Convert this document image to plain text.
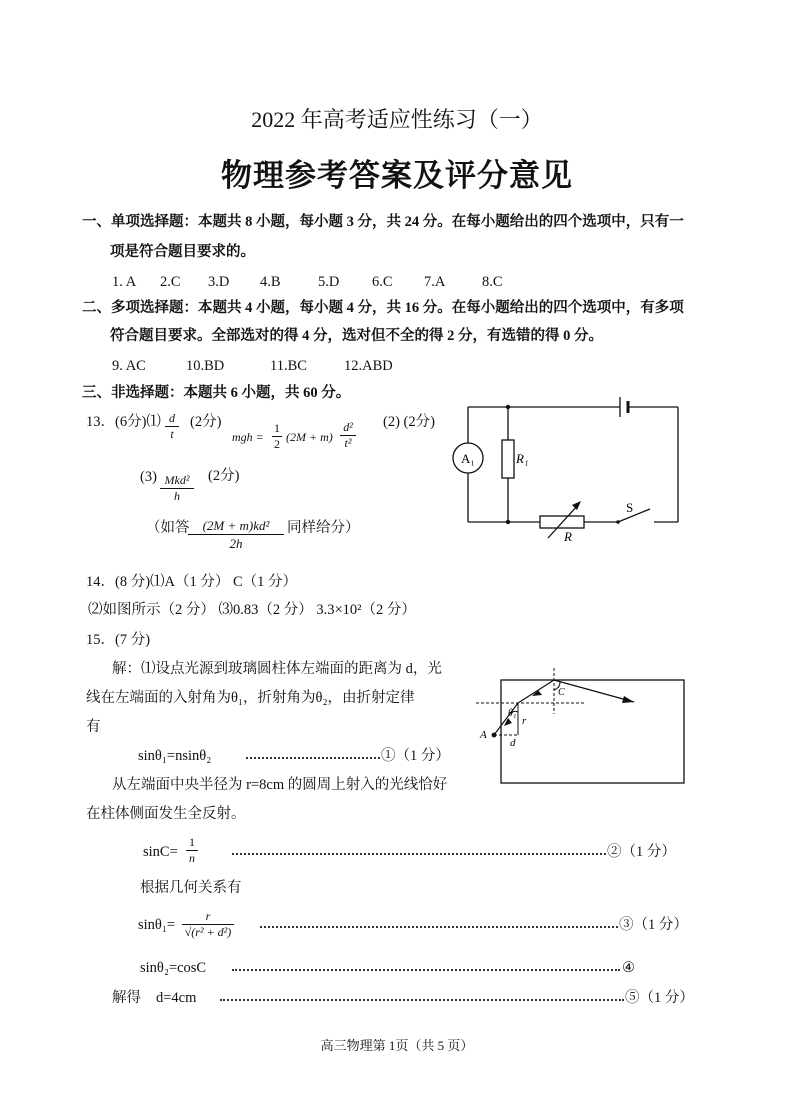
2022 年高考适应性练习（一）
物理参考答案及评分意见
一、单项选择题：本题共 8 小题，每小题 3 分，共 24 分。在每小题给出的四个选项中，只有一
项是符合题目要求的。
1. A 2.C 3.D 4.B	5.D 6.C 7.A	8.C
二、多项选择题：本题共 4 小题，每小题 4 分，共 16 分。在每小题给出的四个选项中，有多项
符合题目要求。全部选对的得 4 分，选对但不全的得 2 分，有选错的得 0 分。
9. AC	10.BD	11.BC	12.ABD
三、非选择题：本题共 6 小题，共 60 分。
13．(6分)⑴ d
t
(2分)
mgh =
1
2 (2M + m)
d²
t²
(2) (2分)
(3) Mkd²
h
(2分)
（如答	(2M + m)kd²
2h
同样给分）
A₁	R₁
R
S
14．(8 分)⑴A（1 分） C（1 分）
⑵如图所示（2 分） ⑶0.83（2 分） 3.3×10²（2 分）
15．(7 分)
解：⑴设点光源到玻璃圆柱体左端面的距离为 d，光
线在左端面的入射角为θ₁，折射角为θ₂，由折射定律
有
sinθ₁=nsinθ₂	①（1 分）
从左端面中央半径为 r=8cm 的圆周上射入的光线恰好
在柱体侧面发生全反射。
sinC=
1
n	②（1 分）
根据几何关系有
sinθ₁=
r
√(r² + d²)	③（1 分）
sinθ₂=cosC	④
解得 d=4cm	⑤（1 分）
A
θ₁
C
r
d
高三物理第 1页（共 5 页）
